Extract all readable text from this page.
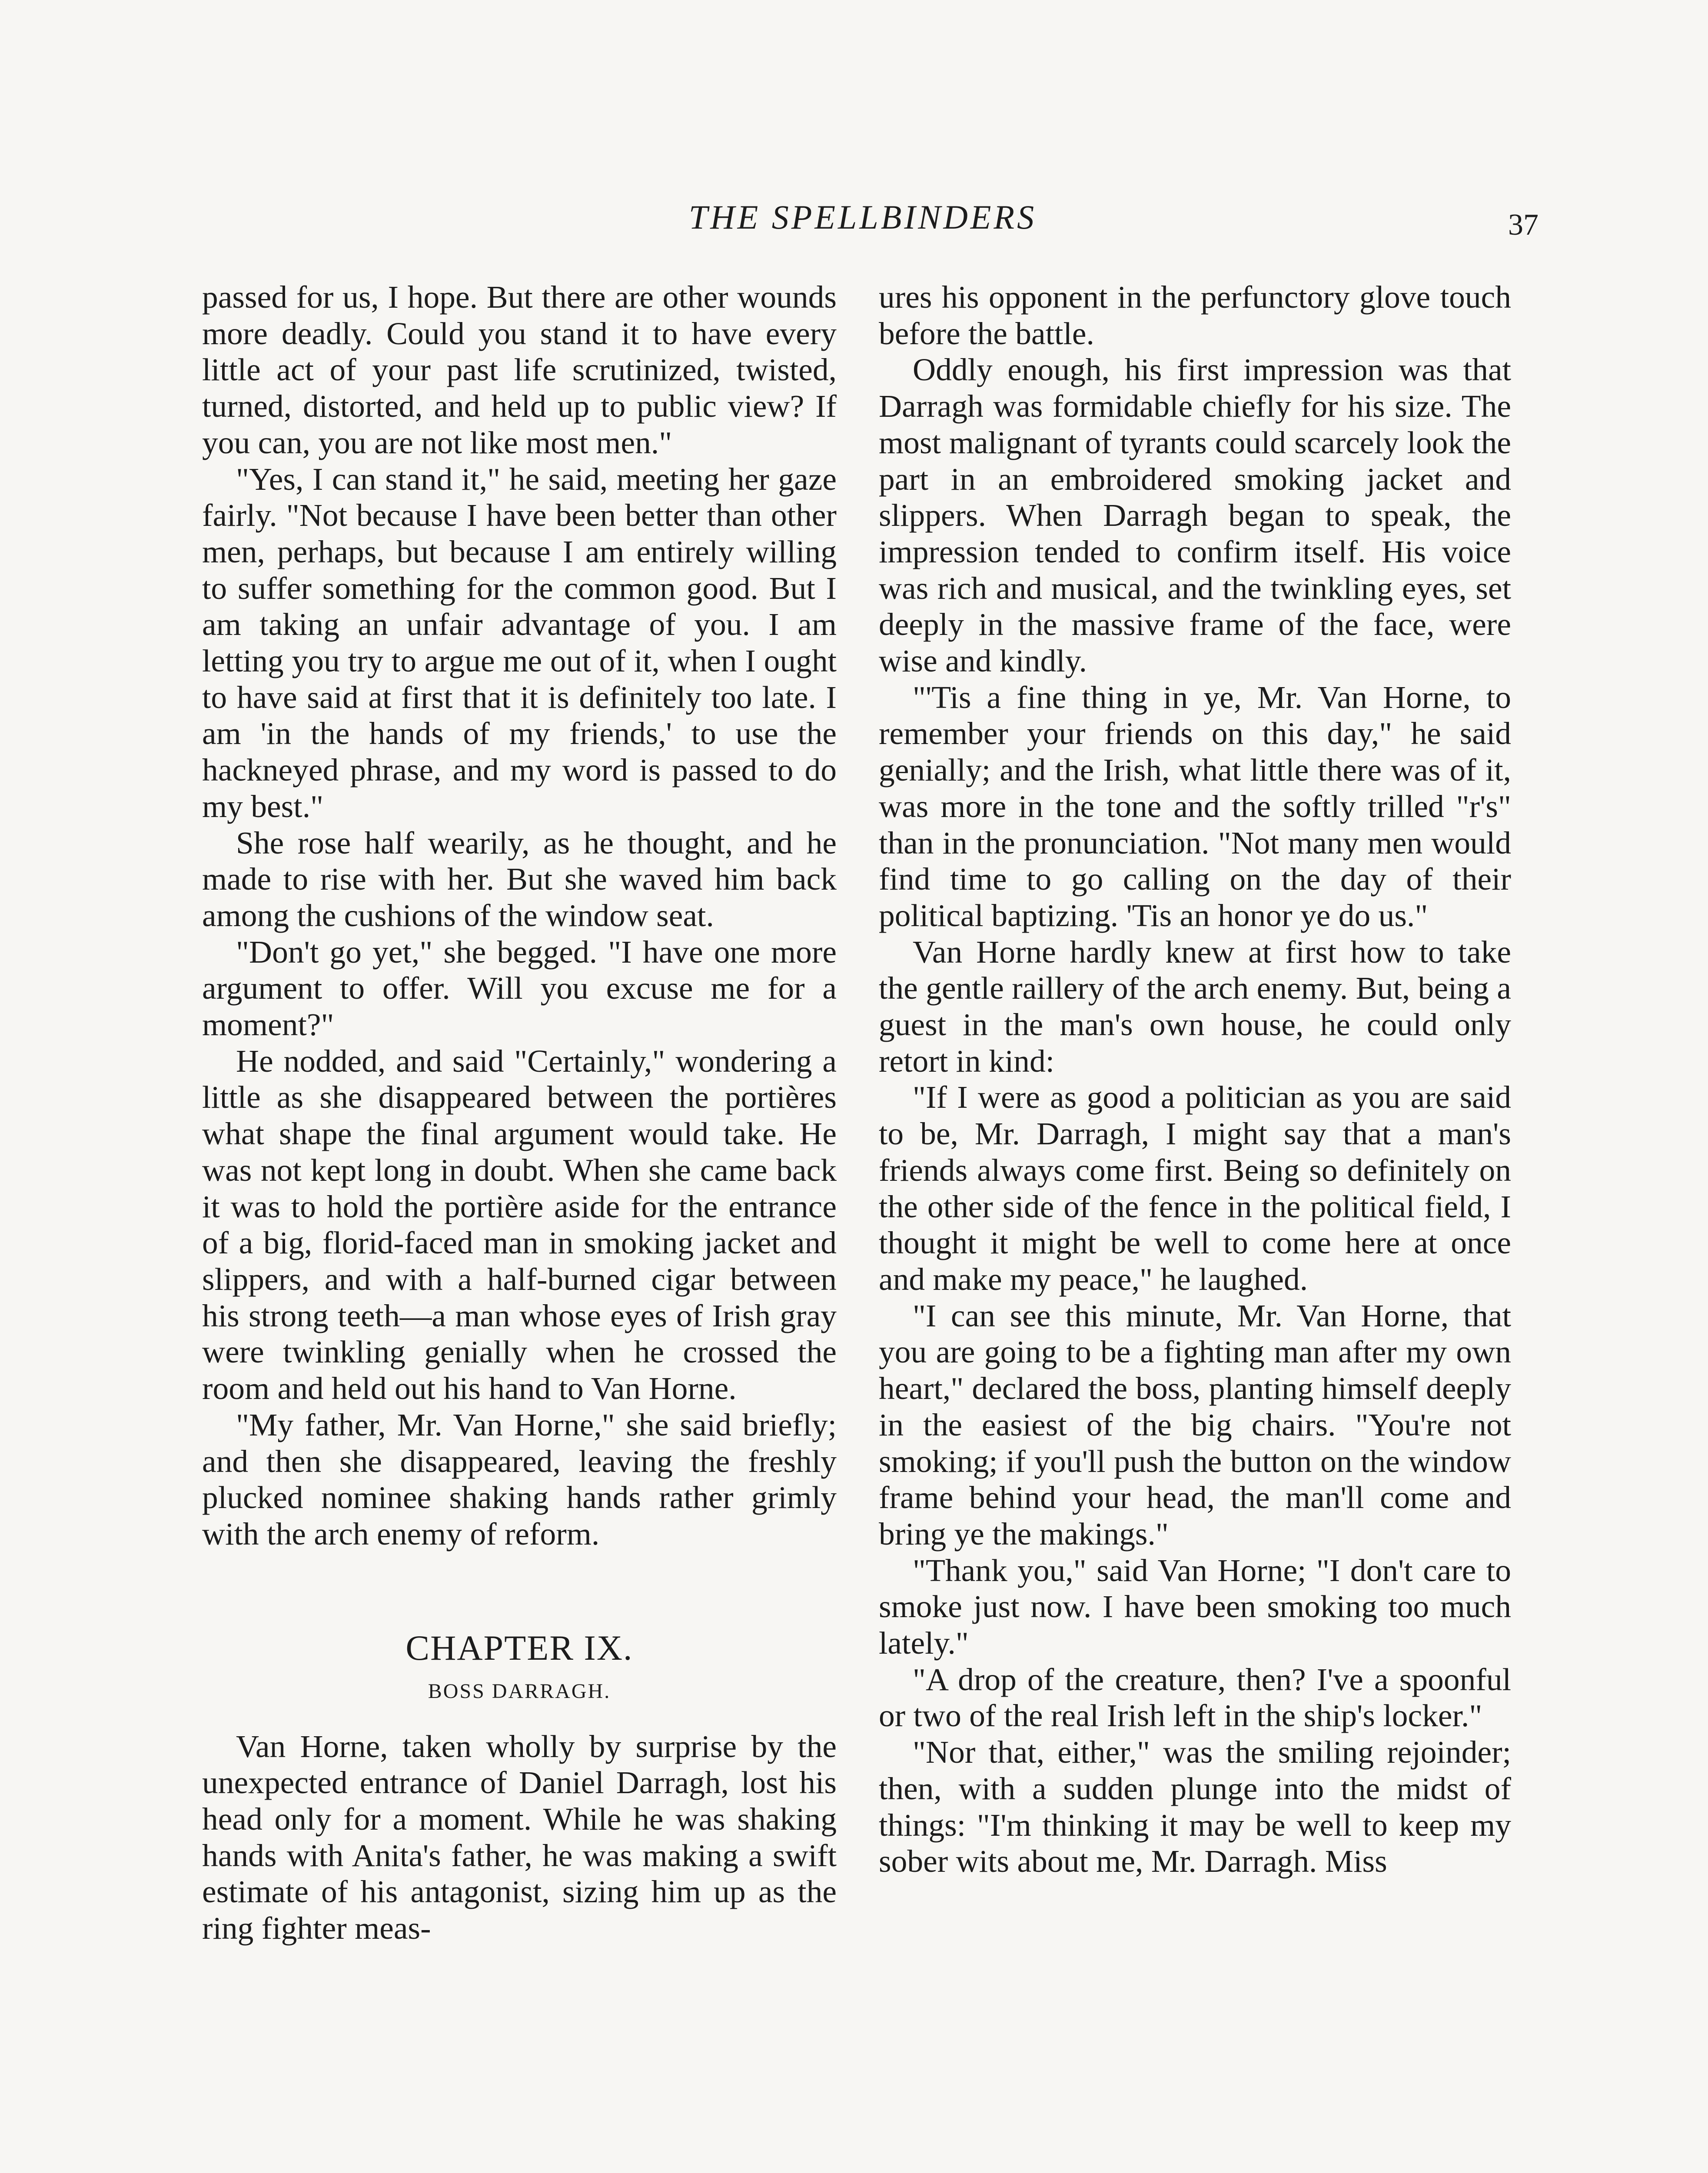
THE SPELLBINDERS	37

passed for us, I hope. But there are other wounds more deadly. Could you stand it to have every little act of your past life scrutinized, twisted, turned, distorted, and held up to public view? If you can, you are not like most men."

"Yes, I can stand it," he said, meeting her gaze fairly. "Not because I have been better than other men, perhaps, but because I am entirely willing to suffer something for the common good. But I am taking an unfair advantage of you. I am letting you try to argue me out of it, when I ought to have said at first that it is definitely too late. I am 'in the hands of my friends,' to use the hackneyed phrase, and my word is passed to do my best."

She rose half wearily, as he thought, and he made to rise with her. But she waved him back among the cushions of the window seat.

"Don't go yet," she begged. "I have one more argument to offer. Will you excuse me for a moment?"

He nodded, and said "Certainly," wondering a little as she disappeared between the portières what shape the final argument would take. He was not kept long in doubt. When she came back it was to hold the portière aside for the entrance of a big, florid-faced man in smoking jacket and slippers, and with a half-burned cigar between his strong teeth—a man whose eyes of Irish gray were twinkling genially when he crossed the room and held out his hand to Van Horne.

"My father, Mr. Van Horne," she said briefly; and then she disappeared, leaving the freshly plucked nominee shaking hands rather grimly with the arch enemy of reform.

CHAPTER IX.
BOSS DARRAGH.

Van Horne, taken wholly by surprise by the unexpected entrance of Daniel Darragh, lost his head only for a moment. While he was shaking hands with Anita's father, he was making a swift estimate of his antagonist, sizing him up as the ring fighter meas-

ures his opponent in the perfunctory glove touch before the battle.

Oddly enough, his first impression was that Darragh was formidable chiefly for his size. The most malignant of tyrants could scarcely look the part in an embroidered smoking jacket and slippers. When Darragh began to speak, the impression tended to confirm itself. His voice was rich and musical, and the twinkling eyes, set deeply in the massive frame of the face, were wise and kindly.

"'Tis a fine thing in ye, Mr. Van Horne, to remember your friends on this day," he said genially; and the Irish, what little there was of it, was more in the tone and the softly trilled "r's" than in the pronunciation. "Not many men would find time to go calling on the day of their political baptizing. 'Tis an honor ye do us."

Van Horne hardly knew at first how to take the gentle raillery of the arch enemy. But, being a guest in the man's own house, he could only retort in kind:

"If I were as good a politician as you are said to be, Mr. Darragh, I might say that a man's friends always come first. Being so definitely on the other side of the fence in the political field, I thought it might be well to come here at once and make my peace," he laughed.

"I can see this minute, Mr. Van Horne, that you are going to be a fighting man after my own heart," declared the boss, planting himself deeply in the easiest of the big chairs. "You're not smoking; if you'll push the button on the window frame behind your head, the man'll come and bring ye the makings."

"Thank you," said Van Horne; "I don't care to smoke just now. I have been smoking too much lately."

"A drop of the creature, then? I've a spoonful or two of the real Irish left in the ship's locker."

"Nor that, either," was the smiling rejoinder; then, with a sudden plunge into the midst of things: "I'm thinking it may be well to keep my sober wits about me, Mr. Darragh. Miss
